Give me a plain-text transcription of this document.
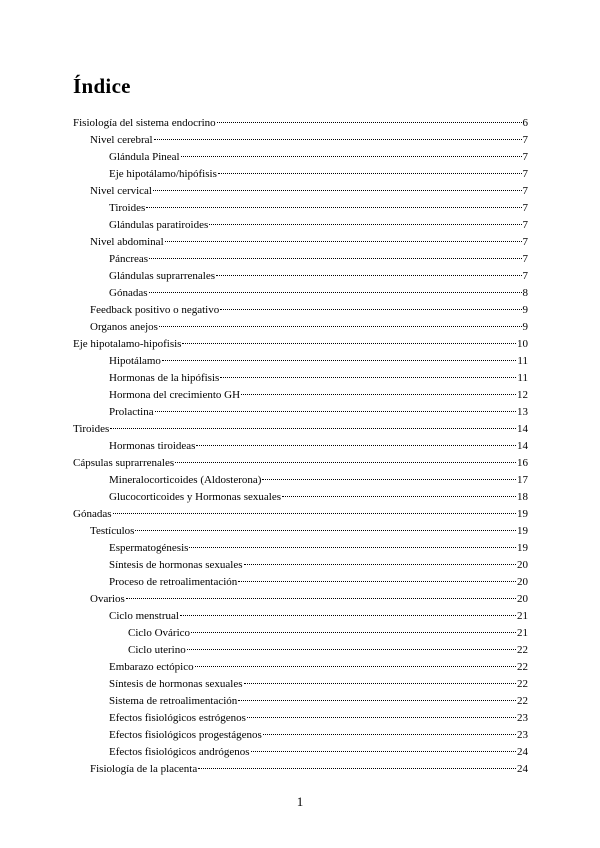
Índice
Fisiología del sistema endocrino	6
Nivel cerebral	7
Glándula Pineal	7
Eje hipotálamo/hipófisis	7
Nivel cervical	7
Tiroides	7
Glándulas paratiroides	7
Nivel abdominal	7
Páncreas	7
Glándulas suprarrenales	7
Gónadas	8
Feedback positivo o negativo	9
Organos anejos	9
Eje hipotalamo-hipofisis	10
Hipotálamo	11
Hormonas de la hipófisis	11
Hormona del crecimiento GH	12
Prolactina	13
Tiroides	14
Hormonas tiroideas	14
Cápsulas suprarrenales	16
Mineralocorticoides (Aldosterona)	17
Glucocorticoides y Hormonas sexuales	18
Gónadas	19
Testículos	19
Espermatogénesis	19
Síntesis de hormonas sexuales	20
Proceso de retroalimentación	20
Ovarios	20
Ciclo menstrual	21
Ciclo Ovárico	21
Ciclo uterino	22
Embarazo ectópico	22
Síntesis de hormonas sexuales	22
Sistema de retroalimentación	22
Efectos fisiológicos estrógenos	23
Efectos fisiológicos progestágenos	23
Efectos fisiológicos andrógenos	24
Fisiología de la placenta	24
1
